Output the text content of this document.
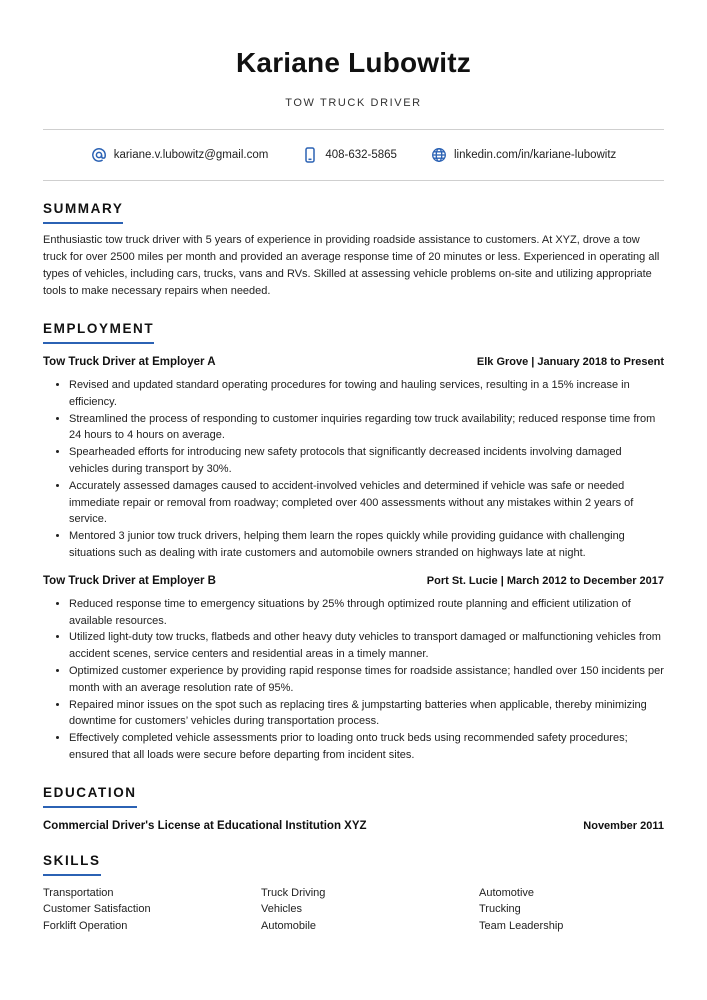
Kariane Lubowitz
TOW TRUCK DRIVER
kariane.v.lubowitz@gmail.com	408-632-5865	linkedin.com/in/kariane-lubowitz
SUMMARY
Enthusiastic tow truck driver with 5 years of experience in providing roadside assistance to customers. At XYZ, drove a tow truck for over 2500 miles per month and provided an average response time of 20 minutes or less. Experienced in operating all types of vehicles, including cars, trucks, vans and RVs. Skilled at assessing vehicle problems on-site and utilizing appropriate tools to make necessary repairs when needed.
EMPLOYMENT
Tow Truck Driver at Employer A	Elk Grove | January 2018 to Present
• Revised and updated standard operating procedures for towing and hauling services, resulting in a 15% increase in efficiency.
• Streamlined the process of responding to customer inquiries regarding tow truck availability; reduced response time from 24 hours to 4 hours on average.
• Spearheaded efforts for introducing new safety protocols that significantly decreased incidents involving damaged vehicles during transport by 30%.
• Accurately assessed damages caused to accident-involved vehicles and determined if vehicle was safe or needed immediate repair or removal from roadway; completed over 400 assessments without any mistakes within 2 years of service.
• Mentored 3 junior tow truck drivers, helping them learn the ropes quickly while providing guidance with challenging situations such as dealing with irate customers and automobile owners stranded on highways late at night.
Tow Truck Driver at Employer B	Port St. Lucie | March 2012 to December 2017
• Reduced response time to emergency situations by 25% through optimized route planning and efficient utilization of available resources.
• Utilized light-duty tow trucks, flatbeds and other heavy duty vehicles to transport damaged or malfunctioning vehicles from accident scenes, service centers and residential areas in a timely manner.
• Optimized customer experience by providing rapid response times for roadside assistance; handled over 150 incidents per month with an average resolution rate of 95%.
• Repaired minor issues on the spot such as replacing tires & jumpstarting batteries when applicable, thereby minimizing downtime for customers’ vehicles during transportation process.
• Effectively completed vehicle assessments prior to loading onto truck beds using recommended safety procedures; ensured that all loads were secure before departing from incident sites.
EDUCATION
Commercial Driver's License at Educational Institution XYZ	November 2011
SKILLS
Transportation	Truck Driving	Automotive
Customer Satisfaction	Vehicles	Trucking
Forklift Operation	Automobile	Team Leadership
